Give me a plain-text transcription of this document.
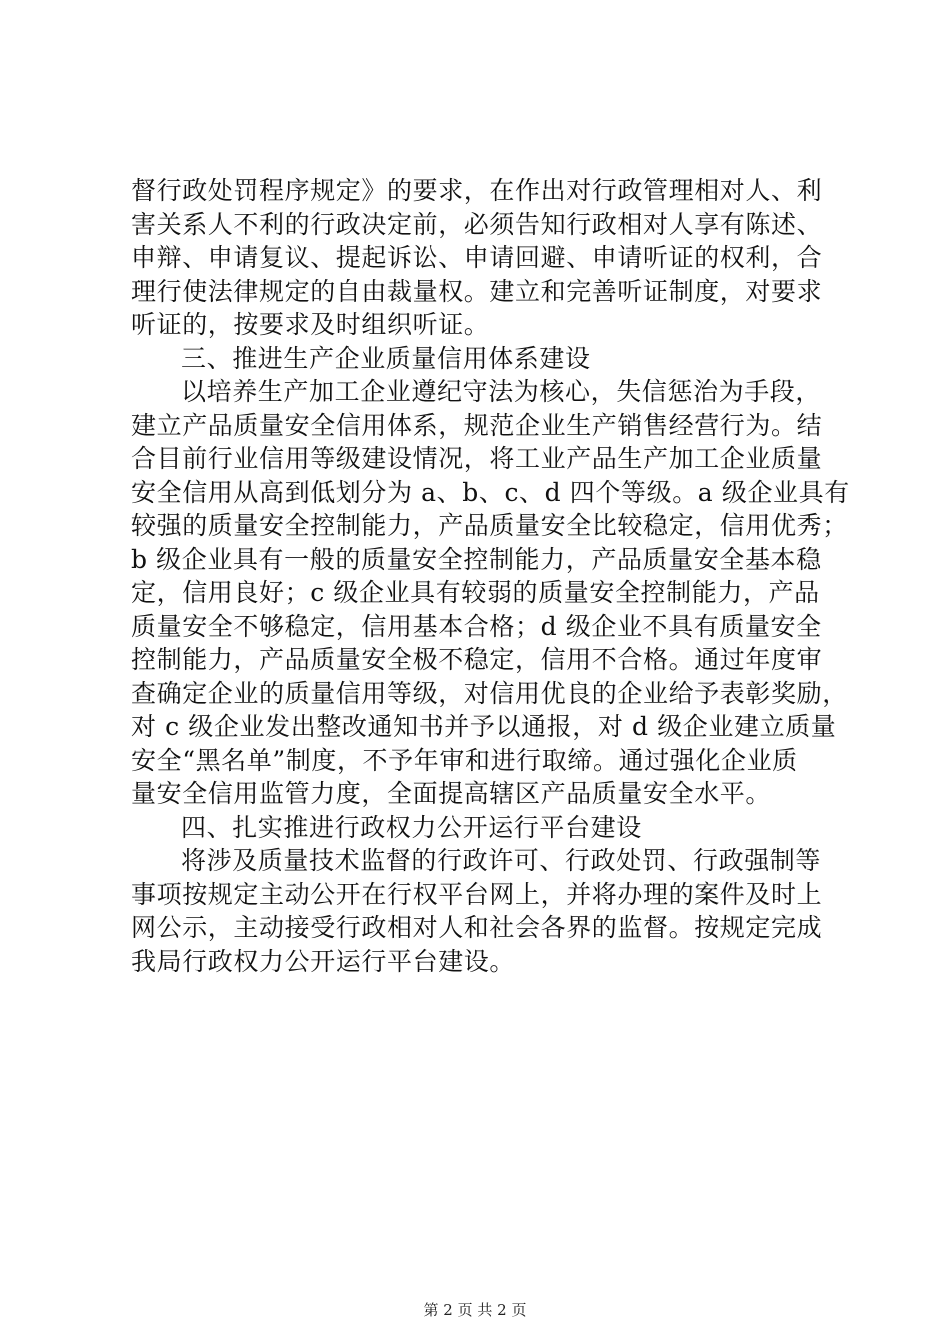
督行政处罚程序规定》的要求，在作出对行政管理相对人、利
害关系人不利的行政决定前，必须告知行政相对人享有陈述、
申辩、申请复议、提起诉讼、申请回避、申请听证的权利，合
理行使法律规定的自由裁量权。建立和完善听证制度，对要求
听证的，按要求及时组织听证。
三、推进生产企业质量信用体系建设
以培养生产加工企业遵纪守法为核心，失信惩治为手段，
建立产品质量安全信用体系，规范企业生产销售经营行为。结
合目前行业信用等级建设情况，将工业产品生产加工企业质量
安全信用从高到低划分为 a、b、c、d 四个等级。a 级企业具有
较强的质量安全控制能力，产品质量安全比较稳定，信用优秀；
b 级企业具有一般的质量安全控制能力，产品质量安全基本稳
定，信用良好；c 级企业具有较弱的质量安全控制能力，产品
质量安全不够稳定，信用基本合格；d 级企业不具有质量安全
控制能力，产品质量安全极不稳定，信用不合格。通过年度审
查确定企业的质量信用等级，对信用优良的企业给予表彰奖励，
对 c 级企业发出整改通知书并予以通报，对 d 级企业建立质量
安全“黑名单”制度，不予年审和进行取缔。通过强化企业质
量安全信用监管力度，全面提高辖区产品质量安全水平。
四、扎实推进行政权力公开运行平台建设
将涉及质量技术监督的行政许可、行政处罚、行政强制等
事项按规定主动公开在行权平台网上，并将办理的案件及时上
网公示，主动接受行政相对人和社会各界的监督。按规定完成
我局行政权力公开运行平台建设。
第 2 页 共 2 页
